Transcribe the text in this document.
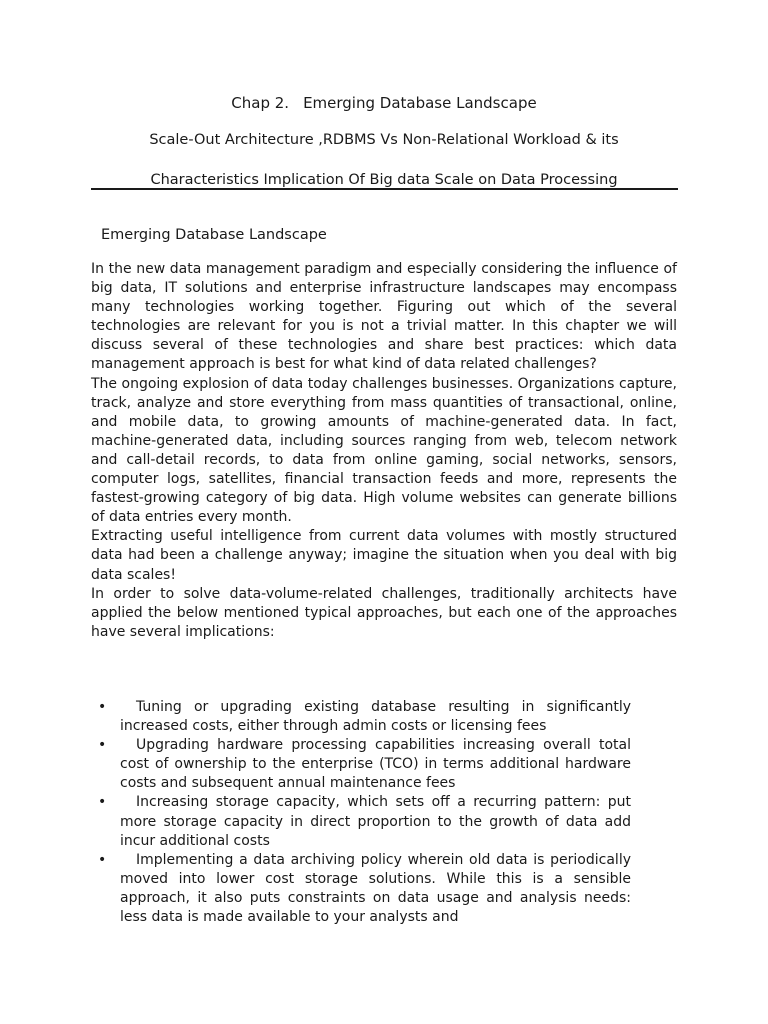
Chap 2. Emerging Database Landscape
Scale-Out Architecture ,RDBMS Vs Non-Relational Workload & its
Characteristics Implication Of Big data Scale on Data Processing
Emerging Database Landscape

In the new data management paradigm and especially considering the influence of big data, IT solutions and enterprise infrastructure landscapes may encompass many technologies working together. Figuring out which of the several technologies are relevant for you is not a trivial matter. In this chapter we will discuss several of these technologies and share best practices: which data management approach is best for what kind of data related challenges?

The ongoing explosion of data today challenges businesses. Organizations capture, track, analyze and store everything from mass quantities of transactional, online, and mobile data, to growing amounts of machine-generated data. In fact, machine-generated data, including sources ranging from web, telecom network and call-detail records, to data from online gaming, social networks, sensors, computer logs, satellites, financial transaction feeds and more, represents the fastest-growing category of big data. High volume websites can generate billions of data entries every month.

Extracting useful intelligence from current data volumes with mostly structured data had been a challenge anyway; imagine the situation when you deal with big data scales!

In order to solve data-volume-related challenges, traditionally architects have applied the below mentioned typical approaches, but each one of the approaches have several implications:

•	Tuning or upgrading existing database resulting in significantly increased costs, either through admin costs or licensing fees
•	Upgrading hardware processing capabilities increasing overall total cost of ownership to the enterprise (TCO) in terms additional hardware costs and subsequent annual maintenance fees
•	Increasing storage capacity, which sets off a recurring pattern: put more storage capacity in direct proportion to the growth of data add incur additional costs
•	Implementing a data archiving policy wherein old data is periodically moved into lower cost storage solutions. While this is a sensible approach, it also puts constraints on data usage and analysis needs: less data is made available to your analysts and
